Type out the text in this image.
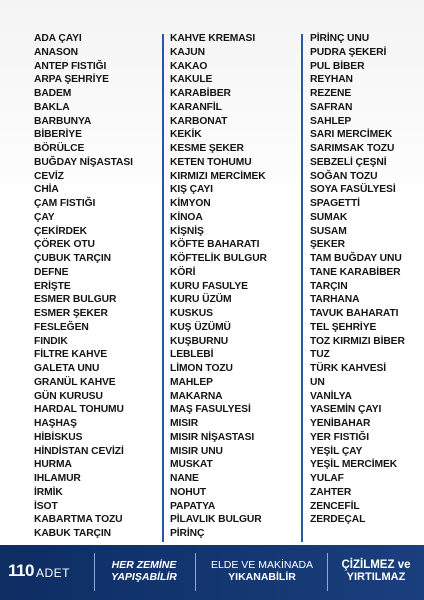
ADA ÇAYI
ANASON
ANTEP FISTIĞI
ARPA ŞEHRİYE
BADEM
BAKLA
BARBUNYA
BİBERİYE
BÖRÜLCE
BUĞDAY NİŞASTASI
CEVİZ
CHİA
ÇAM FISTIĞI
ÇAY
ÇEKİRDEK
ÇÖREK OTU
ÇUBUK TARÇIN
DEFNE
ERİŞTE
ESMER BULGUR
ESMER ŞEKER
FESLEĞEN
FINDIK
FİLTRE KAHVE
GALETA UNU
GRANÜL KAHVE
GÜN KURUSU
HARDAL TOHUMU
HAŞHAŞ
HİBİSKUS
HİNDİSTAN CEVİZİ
HURMA
IHLAMUR
İRMİK
İSOT
KABARTMA TOZU
KABUK TARÇIN
KAHVE KREMASI
KAJUN
KAKAO
KAKULE
KARABİBER
KARANFİL
KARBONAT
KEKİK
KESME ŞEKER
KETEN TOHUMU
KIRMIZI MERCİMEK
KIŞ ÇAYI
KİMYON
KİNOA
KİŞNİŞ
KÖFTE BAHARATI
KÖFTELİK BULGUR
KÖRİ
KURU FASULYE
KURU ÜZÜM
KUSKUS
KUŞ ÜZÜMÜ
KUŞBURNU
LEBLEBİ
LİMON TOZU
MAHLEP
MAKARNA
MAŞ FASULYESİ
MISIR
MISIR NİŞASTASI
MISIR UNU
MUSKAT
NANE
NOHUT
PAPATYA
PİLAVLIK BULGUR
PİRİNÇ
PİRİNÇ UNU
PUDRA ŞEKERİ
PUL BİBER
REYHAN
REZENE
SAFRAN
SAHLEP
SARI MERCİMEK
SARIMSAK TOZU
SEBZELİ ÇEŞNİ
SOĞAN TOZU
SOYA FASÜLYESİ
SPAGETTİ
SUMAK
SUSAM
ŞEKER
TAM BUĞDAY UNU
TANE KARABİBER
TARÇIN
TARHANA
TAVUK BAHARATI
TEL ŞEHRİYE
TOZ KIRMIZI BİBER
TUZ
TÜRK KAHVESİ
UN
VANİLYA
YASEMİN ÇAYI
YENİBAHAR
YER FISTIĞI
YEŞİL ÇAY
YEŞİL MERCİMEK
YULAF
ZAHTER
ZENCEFİL
ZERDEÇAL
110 ADET
HER ZEMİNE
YAPIŞABİLİR
ELDE VE MAKİNADA
YIKANABİLİR
ÇİZİLMEZ ve
YIRTILMAZ
